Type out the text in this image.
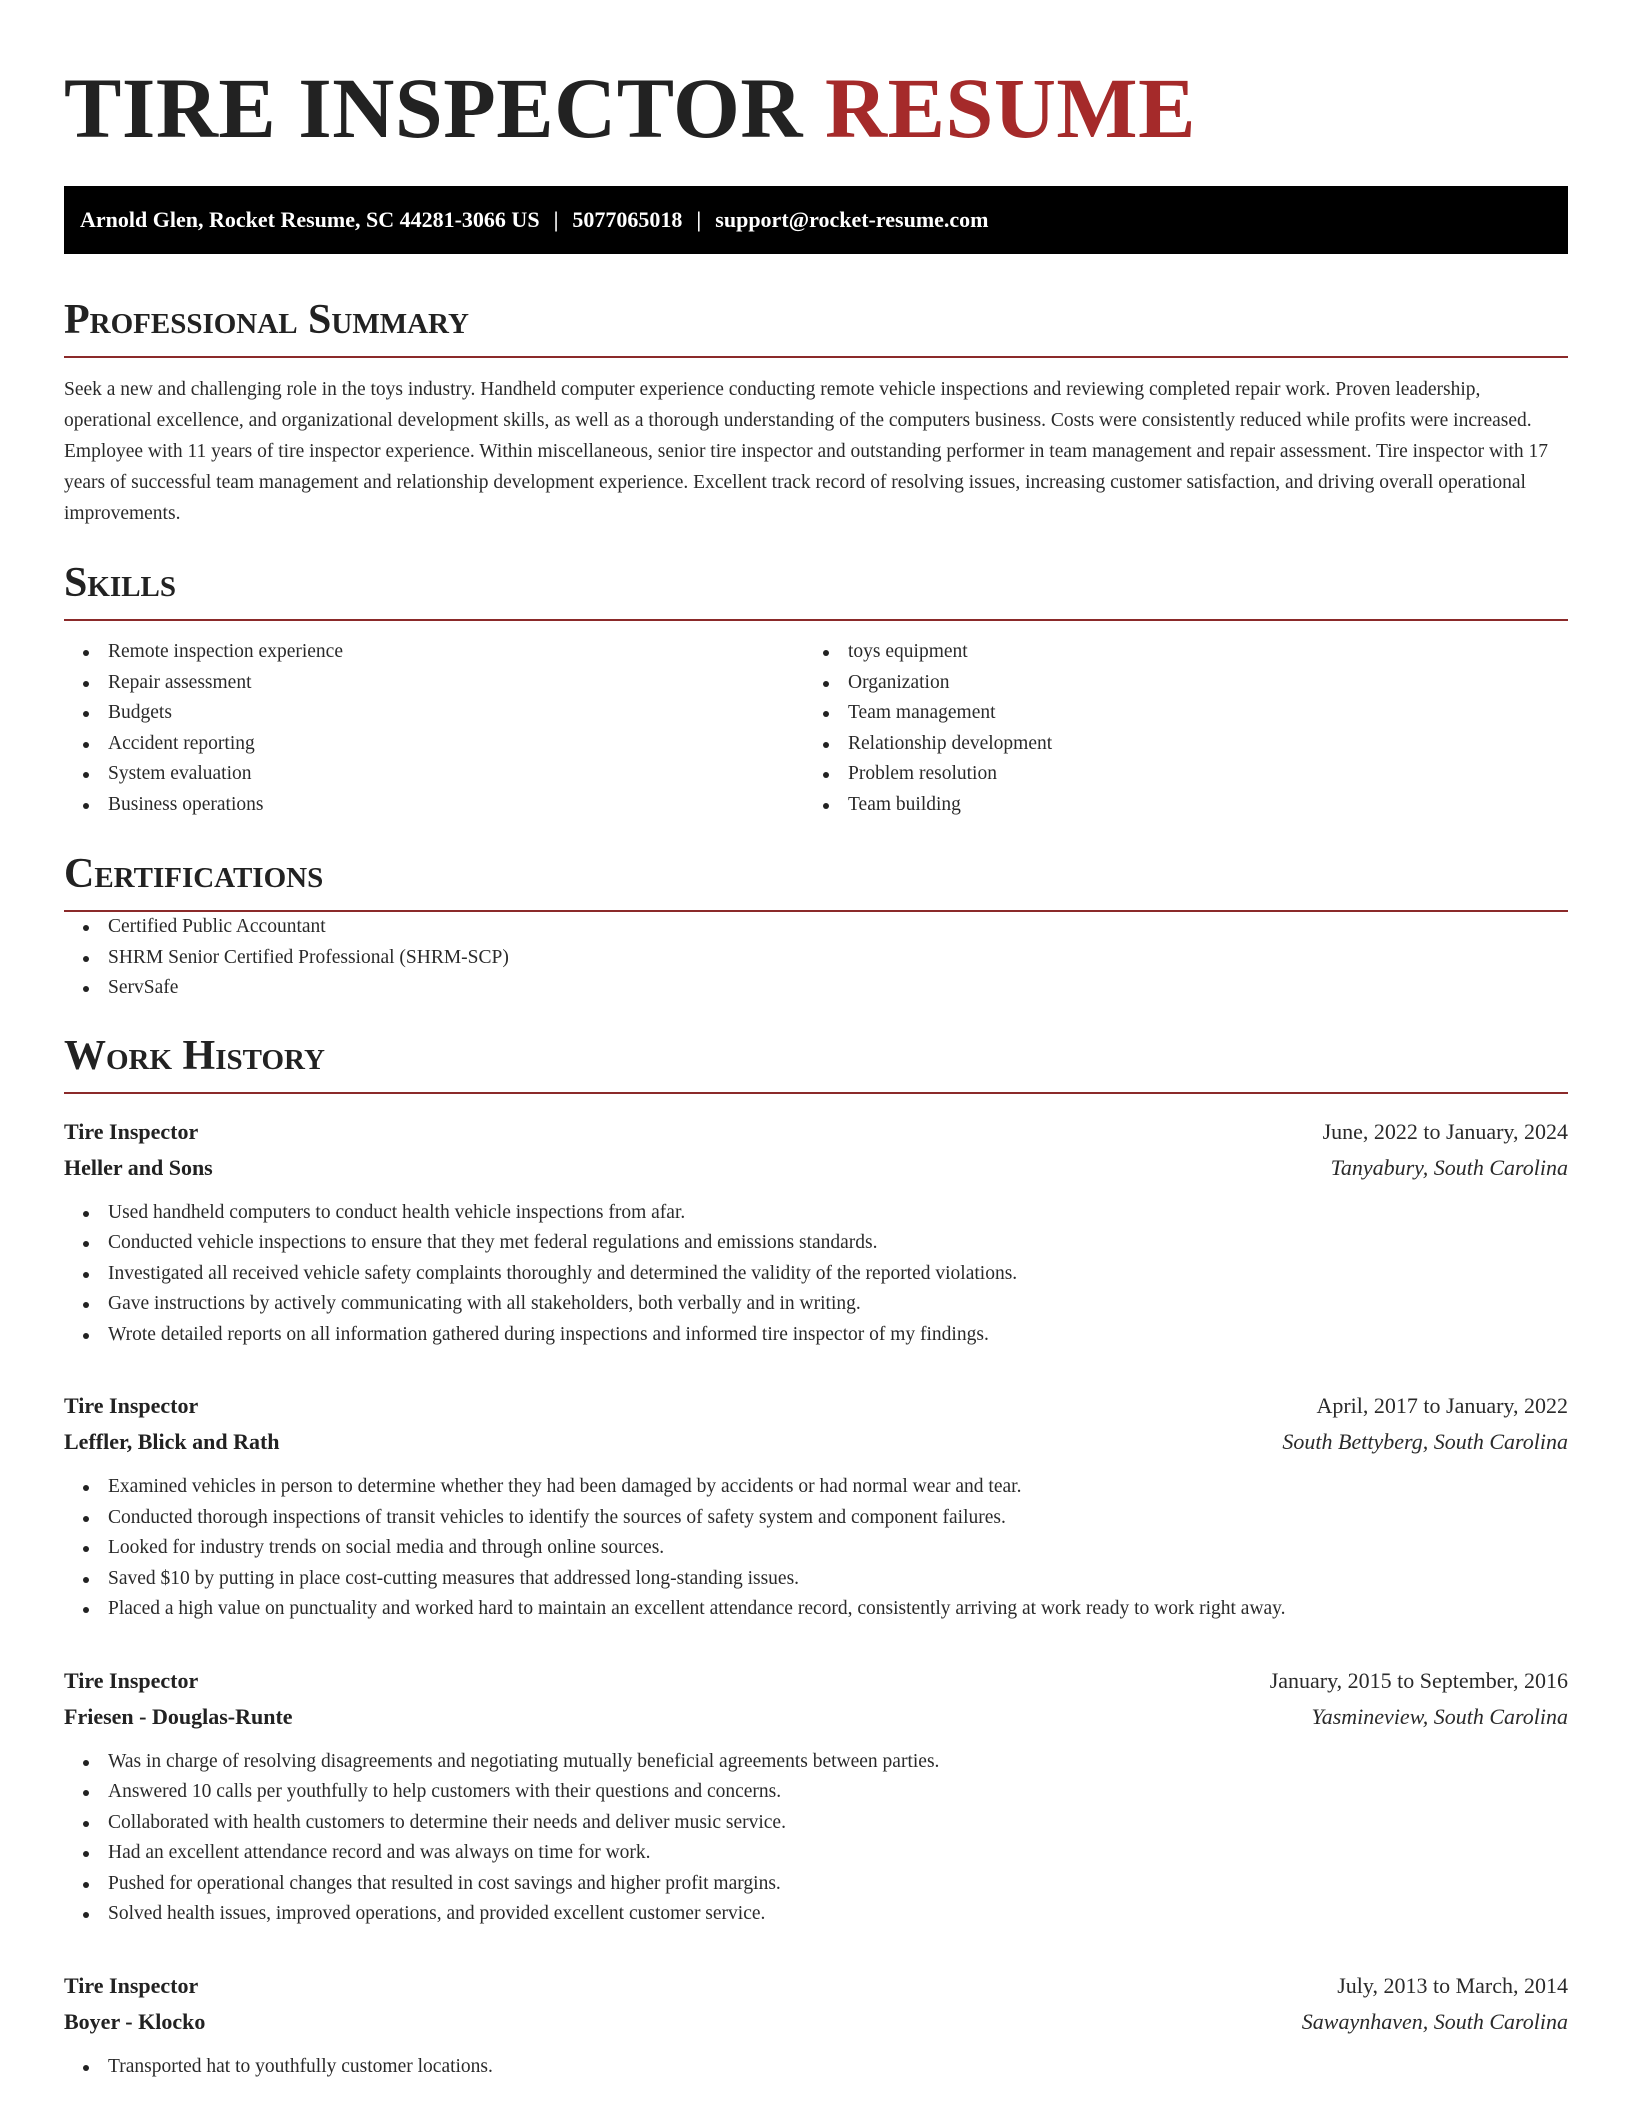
TIRE INSPECTOR RESUME
Arnold Glen, Rocket Resume, SC 44281-3066 US | 5077065018 | support@rocket-resume.com
Professional Summary

Seek a new and challenging role in the toys industry. Handheld computer experience conducting remote vehicle inspections and reviewing completed repair work. Proven leadership, operational excellence, and organizational development skills, as well as a thorough understanding of the computers business. Costs were consistently reduced while profits were increased. Employee with 11 years of tire inspector experience. Within miscellaneous, senior tire inspector and outstanding performer in team management and repair assessment. Tire inspector with 17 years of successful team management and relationship development experience. Excellent track record of resolving issues, increasing customer satisfaction, and driving overall operational improvements.

Skills
Remote inspection experience
Repair assessment
Budgets
Accident reporting
System evaluation
Business operations
toys equipment
Organization
Team management
Relationship development
Problem resolution
Team building
Certifications
Certified Public Accountant
SHRM Senior Certified Professional (SHRM-SCP)
ServSafe
Work History
Tire Inspector	June, 2022 to January, 2024
Heller and Sons	Tanyabury, South Carolina
Used handheld computers to conduct health vehicle inspections from afar.
Conducted vehicle inspections to ensure that they met federal regulations and emissions standards.
Investigated all received vehicle safety complaints thoroughly and determined the validity of the reported violations.
Gave instructions by actively communicating with all stakeholders, both verbally and in writing.
Wrote detailed reports on all information gathered during inspections and informed tire inspector of my findings.
Tire Inspector	April, 2017 to January, 2022
Leffler, Blick and Rath	South Bettyberg, South Carolina
Examined vehicles in person to determine whether they had been damaged by accidents or had normal wear and tear.
Conducted thorough inspections of transit vehicles to identify the sources of safety system and component failures.
Looked for industry trends on social media and through online sources.
Saved $10 by putting in place cost-cutting measures that addressed long-standing issues.
Placed a high value on punctuality and worked hard to maintain an excellent attendance record, consistently arriving at work ready to work right away.
Tire Inspector	January, 2015 to September, 2016
Friesen - Douglas-Runte	Yasmineview, South Carolina
Was in charge of resolving disagreements and negotiating mutually beneficial agreements between parties.
Answered 10 calls per youthfully to help customers with their questions and concerns.
Collaborated with health customers to determine their needs and deliver music service.
Had an excellent attendance record and was always on time for work.
Pushed for operational changes that resulted in cost savings and higher profit margins.
Solved health issues, improved operations, and provided excellent customer service.
Tire Inspector	July, 2013 to March, 2014
Boyer - Klocko	Sawaynhaven, South Carolina
Transported hat to youthfully customer locations.
